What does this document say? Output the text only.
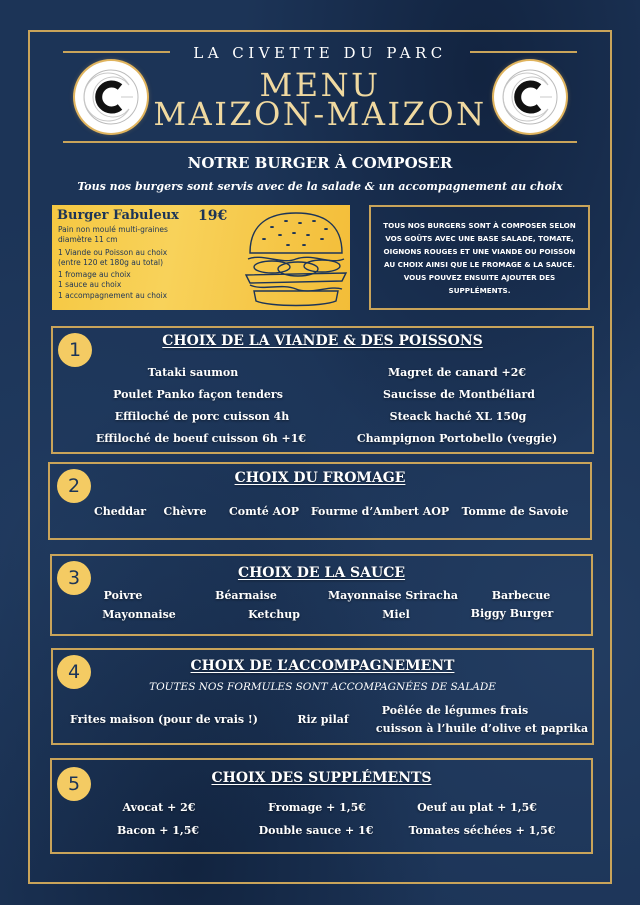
LA CIVETTE DU PARC
MENU
MAIZON-MAIZON
NOTRE BURGER À COMPOSER
Tous nos burgers sont servis avec de la salade & un accompagnement au choix
Burger Fabuleux 19€
Pain non moulé multi-graines
diamètre 11 cm
1 Viande ou Poisson au choix
(entre 120 et 180g au total)
1 fromage au choix
1 sauce au choix
1 accompagnement au choix
TOUS NOS BURGERS SONT À COMPOSER SELON VOS GOÛTS AVEC UNE BASE SALADE, TOMATE, OIGNONS ROUGES ET UNE VIANDE OU POISSON AU CHOIX AINSI QUE LE FROMAGE & LA SAUCE. VOUS POUVEZ ENSUITE AJOUTER DES SUPPLÉMENTS.
1	CHOIX DE LA VIANDE & DES POISSONS
Tataki saumon	Magret de canard +2€
Poulet Panko façon tenders	Saucisse de Montbéliard
Effiloché de porc cuisson 4h	Steack haché XL 150g
Effiloché de boeuf cuisson 6h +1€	Champignon Portobello (veggie)
2	CHOIX DU FROMAGE
Cheddar Chèvre Comté AOP Fourme d’Ambert AOP Tomme de Savoie
3	CHOIX DE LA SAUCE
Poivre	Béarnaise	Mayonnaise Sriracha	Barbecue
Mayonnaise	Ketchup	Miel	Biggy Burger
4	CHOIX DE L’ACCOMPAGNEMENT
TOUTES NOS FORMULES SONT ACCOMPAGNÉES DE SALADE
Frites maison (pour de vrais !)	Riz pilaf
Poêlée de légumes frais
cuisson à l’huile d’olive et paprika
5	CHOIX DES SUPPLÉMENTS
Avocat + 2€	Fromage + 1,5€	Oeuf au plat + 1,5€
Bacon + 1,5€	Double sauce + 1€	Tomates séchées + 1,5€
